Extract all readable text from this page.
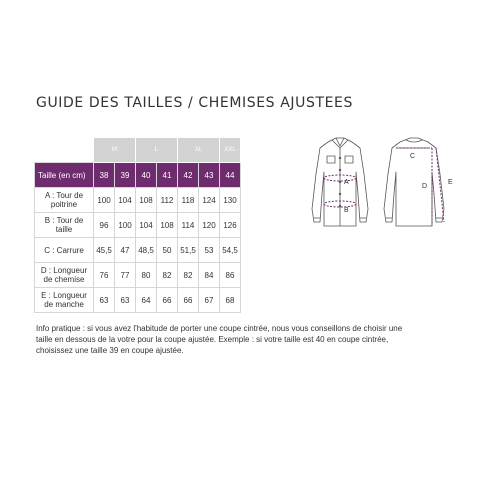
GUIDE DES TAILLES / CHEMISES AJUSTEES
	M		L		XL		XXL
Taille (en cm)	38	39	40	41	42	43	44
A : Tour de
poitrine	100	104	108	112	118	124	130
B : Tour de
taille	96	100	104	108	114	120	126
C : Carrure	45,5	47	48,5	50	51,5	53	54,5
D : Longueur
de chemise	76	77	80	82	82	84	86
E : Longueur
de manche	63	63	64	66	66	67	68
A
B
C
D
E
Info pratique : si vous avez l'habitude de porter une coupe cintrée, nous vous conseillons de choisir une
taille en dessous de la votre pour la coupe ajustée. Exemple : si votre taille est 40 en coupe cintrée,
choisissez une taille 39 en coupe ajustée.
